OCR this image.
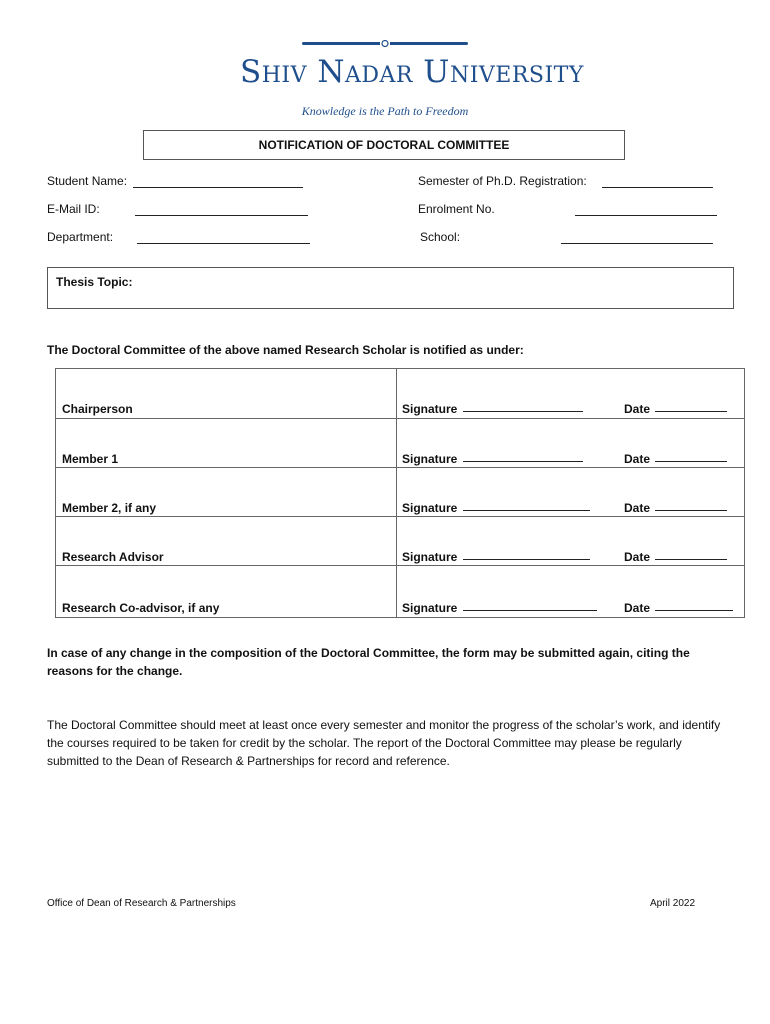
Shiv Nadar University
Knowledge is the Path to Freedom
NOTIFICATION OF DOCTORAL COMMITTEE
Student Name:	Semester of Ph.D. Registration:
E-Mail ID:	Enrolment No.
Department:	School:
Thesis Topic:
The Doctoral Committee of the above named Research Scholar is notified as under:
Chairperson	Signature	Date
Member 1	Signature	Date
Member 2, if any	Signature	Date
Research Advisor	Signature	Date
Research Co-advisor, if any	Signature	Date
In case of any change in the composition of the Doctoral Committee, the form may be submitted again, citing the reasons for the change.
The Doctoral Committee should meet at least once every semester and monitor the progress of the scholar’s work, and identify the courses required to be taken for credit by the scholar. The report of the Doctoral Committee may please be regularly submitted to the Dean of Research & Partnerships for record and reference.
Office of Dean of Research & Partnerships	April 2022
